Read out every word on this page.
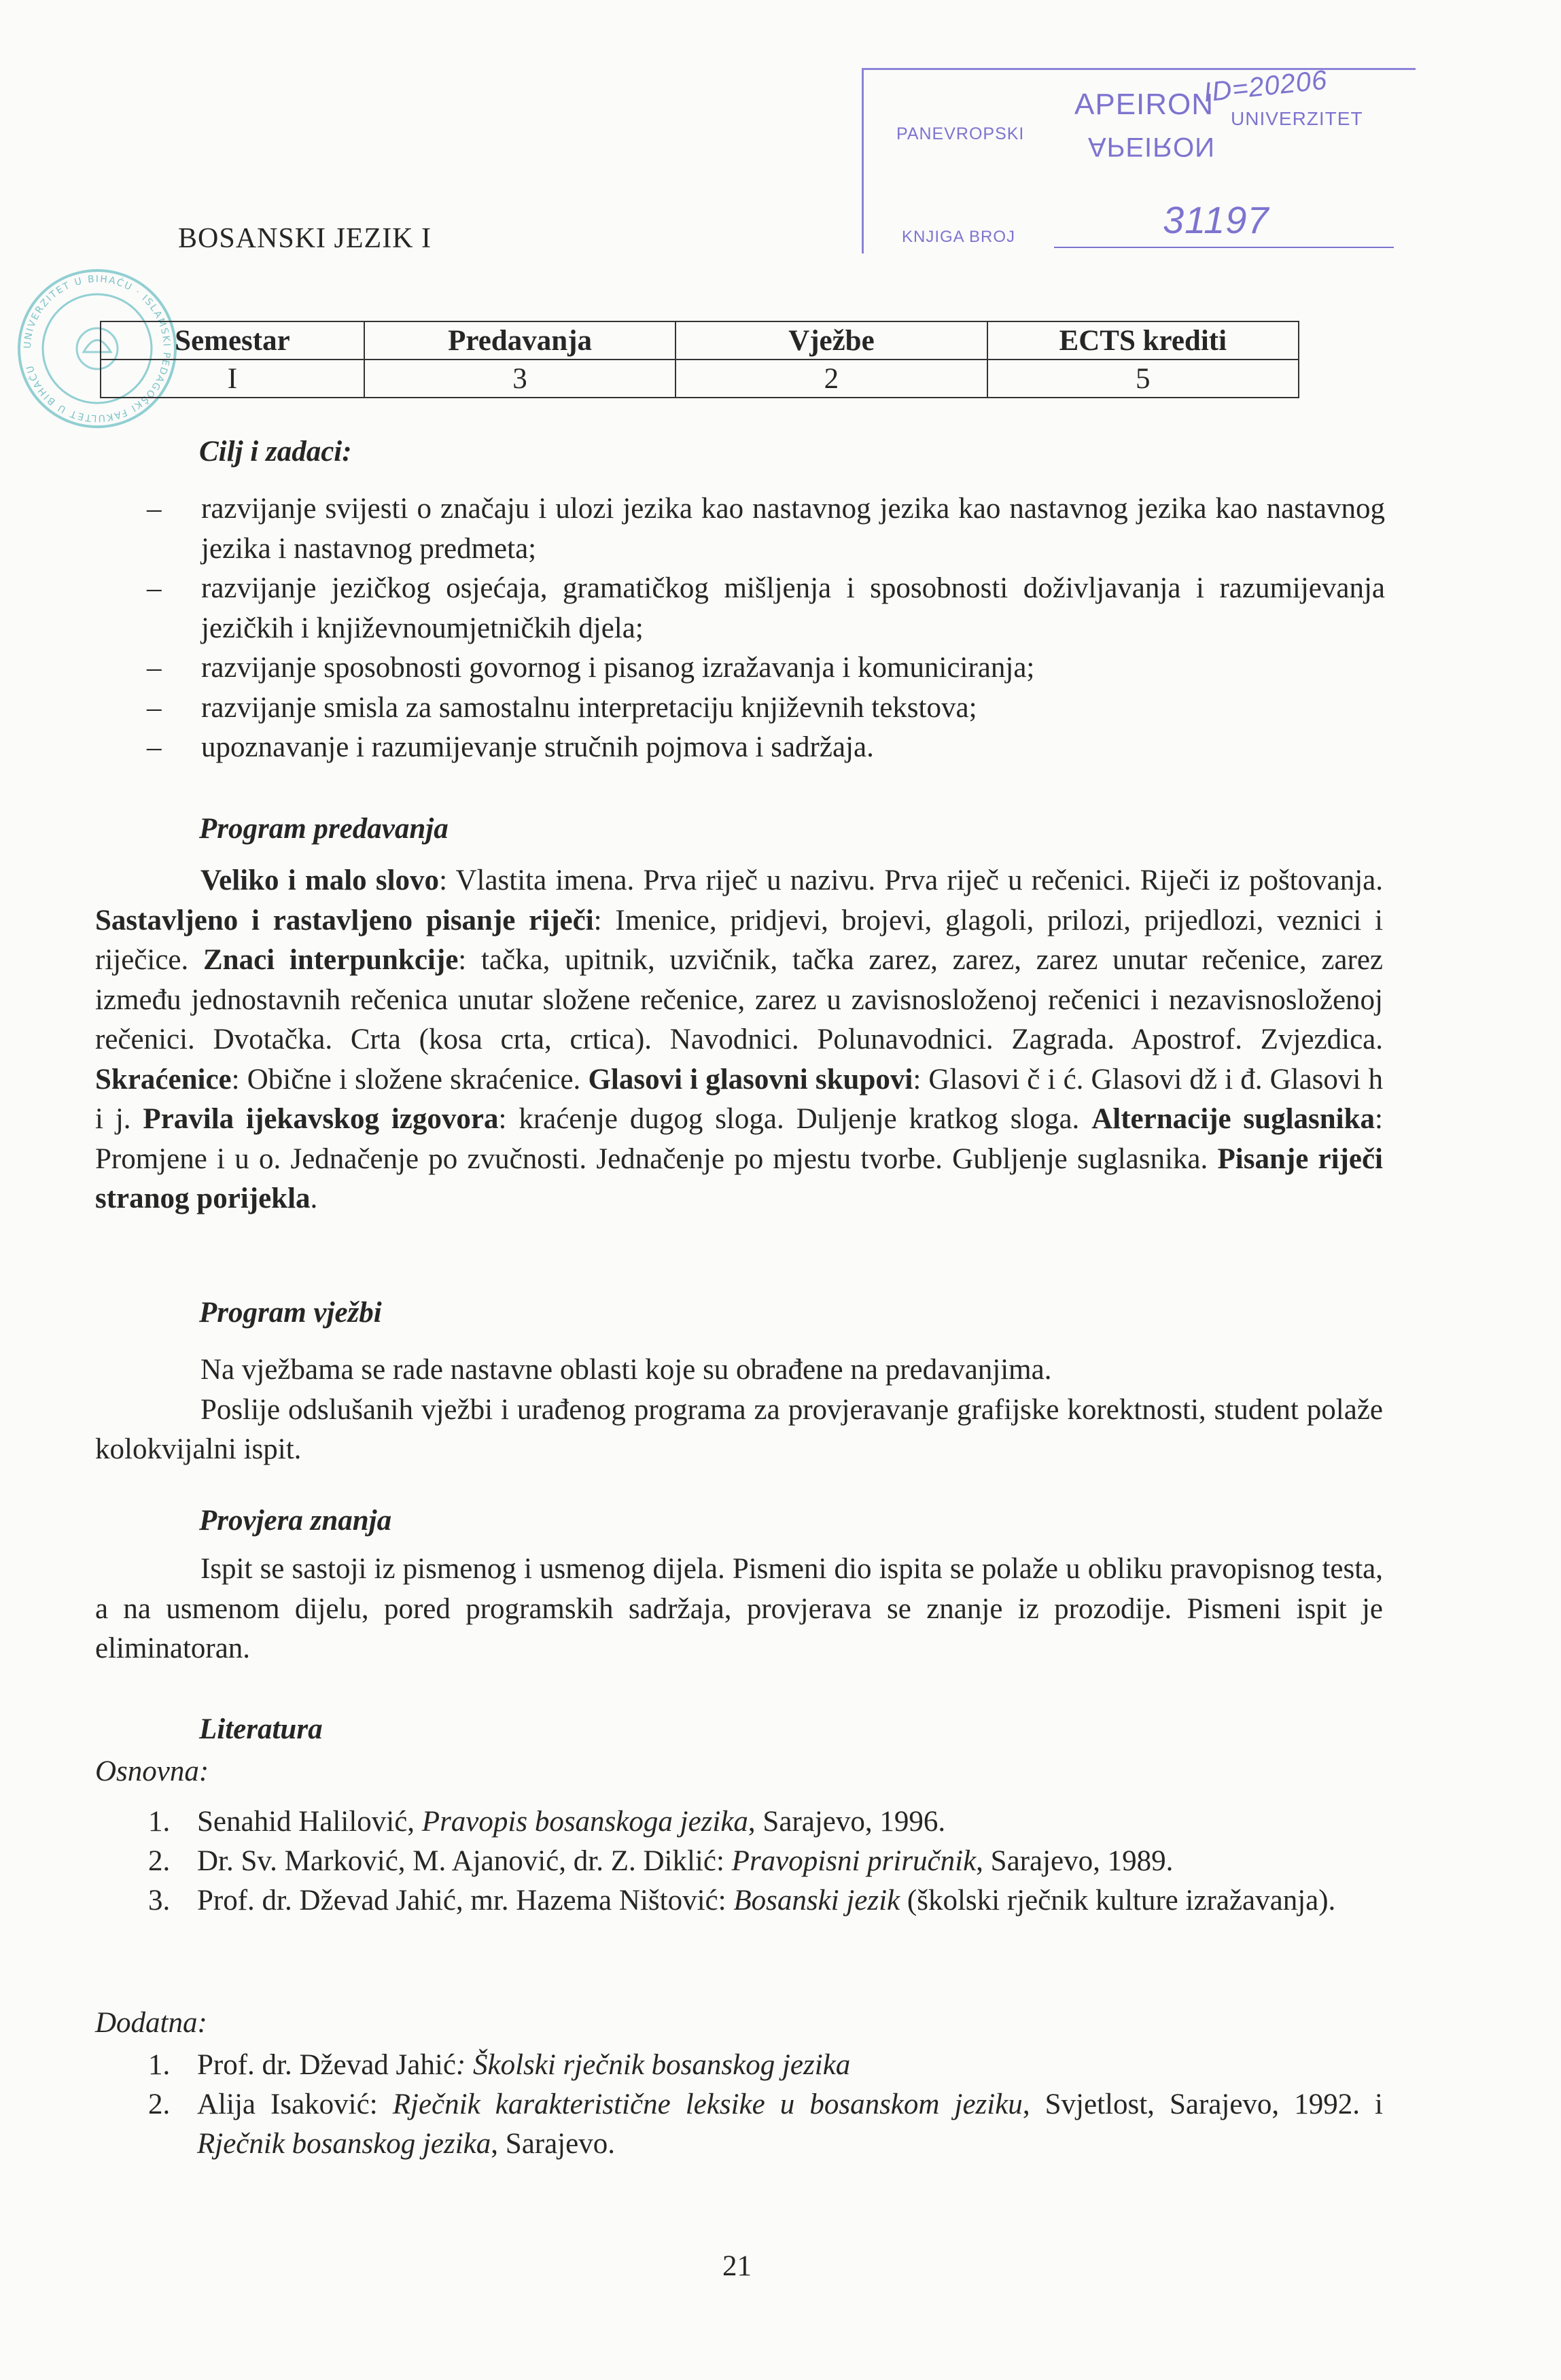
ID=20206
APEIRON UNIVERZITET
PANEVROPSKI APEIRON
31197
KNJIGA BROJ
UNIVERZITET U BIHAĆU · ISLAMSKI PEDAGOŠKI FAKULTET U BIHAĆU
BOSANSKI JEZIK I
Semestar	Predavanja	Vježbe	ECTS krediti
I	3	2	5
Cilj i zadaci:
– razvijanje svijesti o značaju i ulozi jezika kao nastavnog jezika kao nastavnog jezika kao nastavnog jezika i nastavnog predmeta;
– razvijanje jezičkog osjećaja, gramatičkog mišljenja i sposobnosti doživljavanja i razumijevanja jezičkih i književnoumjetničkih djela;
– razvijanje sposobnosti govornog i pisanog izražavanja i komuniciranja;
– razvijanje smisla za samostalnu interpretaciju književnih tekstova;
– upoznavanje i razumijevanje stručnih pojmova i sadržaja.
Program predavanja

Veliko i malo slovo: Vlastita imena. Prva riječ u nazivu. Prva riječ u rečenici. Riječi iz poštovanja. Sastavljeno i rastavljeno pisanje riječi: Imenice, pridjevi, brojevi, glagoli, prilozi, prijedlozi, veznici i riječice. Znaci interpunkcije: tačka, upitnik, uzvičnik, tačka zarez, zarez, zarez unutar rečenice, zarez između jednostavnih rečenica unutar složene rečenice, zarez u zavisnosloženoj rečenici i nezavisnosloženoj rečenici. Dvotačka. Crta (kosa crta, crtica). Navodnici. Polunavodnici. Zagrada. Apostrof. Zvjezdica. Skraćenice: Obične i složene skraćenice. Glasovi i glasovni skupovi: Glasovi č i ć. Glasovi dž i đ. Glasovi h i j. Pravila ijekavskog izgovora: kraćenje dugog sloga. Duljenje kratkog sloga. Alternacije suglasnika: Promjene i u o. Jednačenje po zvučnosti. Jednačenje po mjestu tvorbe. Gubljenje suglasnika. Pisanje riječi stranog porijekla.

Program vježbi

Na vježbama se rade nastavne oblasti koje su obrađene na predavanjima.

Poslije odslušanih vježbi i urađenog programa za provjeravanje grafijske korektnosti, student polaže kolokvijalni ispit.

Provjera znanja

Ispit se sastoji iz pismenog i usmenog dijela. Pismeni dio ispita se polaže u obliku pravopisnog testa, a na usmenom dijelu, pored programskih sadržaja, provjerava se znanje iz prozodije. Pismeni ispit je eliminatoran.

Literatura

Osnovna:

1. Senahid Halilović, Pravopis bosanskoga jezika, Sarajevo, 1996.
2. Dr. Sv. Marković, M. Ajanović, dr. Z. Diklić: Pravopisni priručnik, Sarajevo, 1989.
3. Prof. dr. Dževad Jahić, mr. Hazema Ništović: Bosanski jezik (školski rječnik kulture izražavanja).

Dodatna:

1. Prof. dr. Dževad Jahić: Školski rječnik bosanskog jezika
2. Alija Isaković: Rječnik karakteristične leksike u bosanskom jeziku, Svjetlost, Sarajevo, 1992. i Rječnik bosanskog jezika, Sarajevo.
21
